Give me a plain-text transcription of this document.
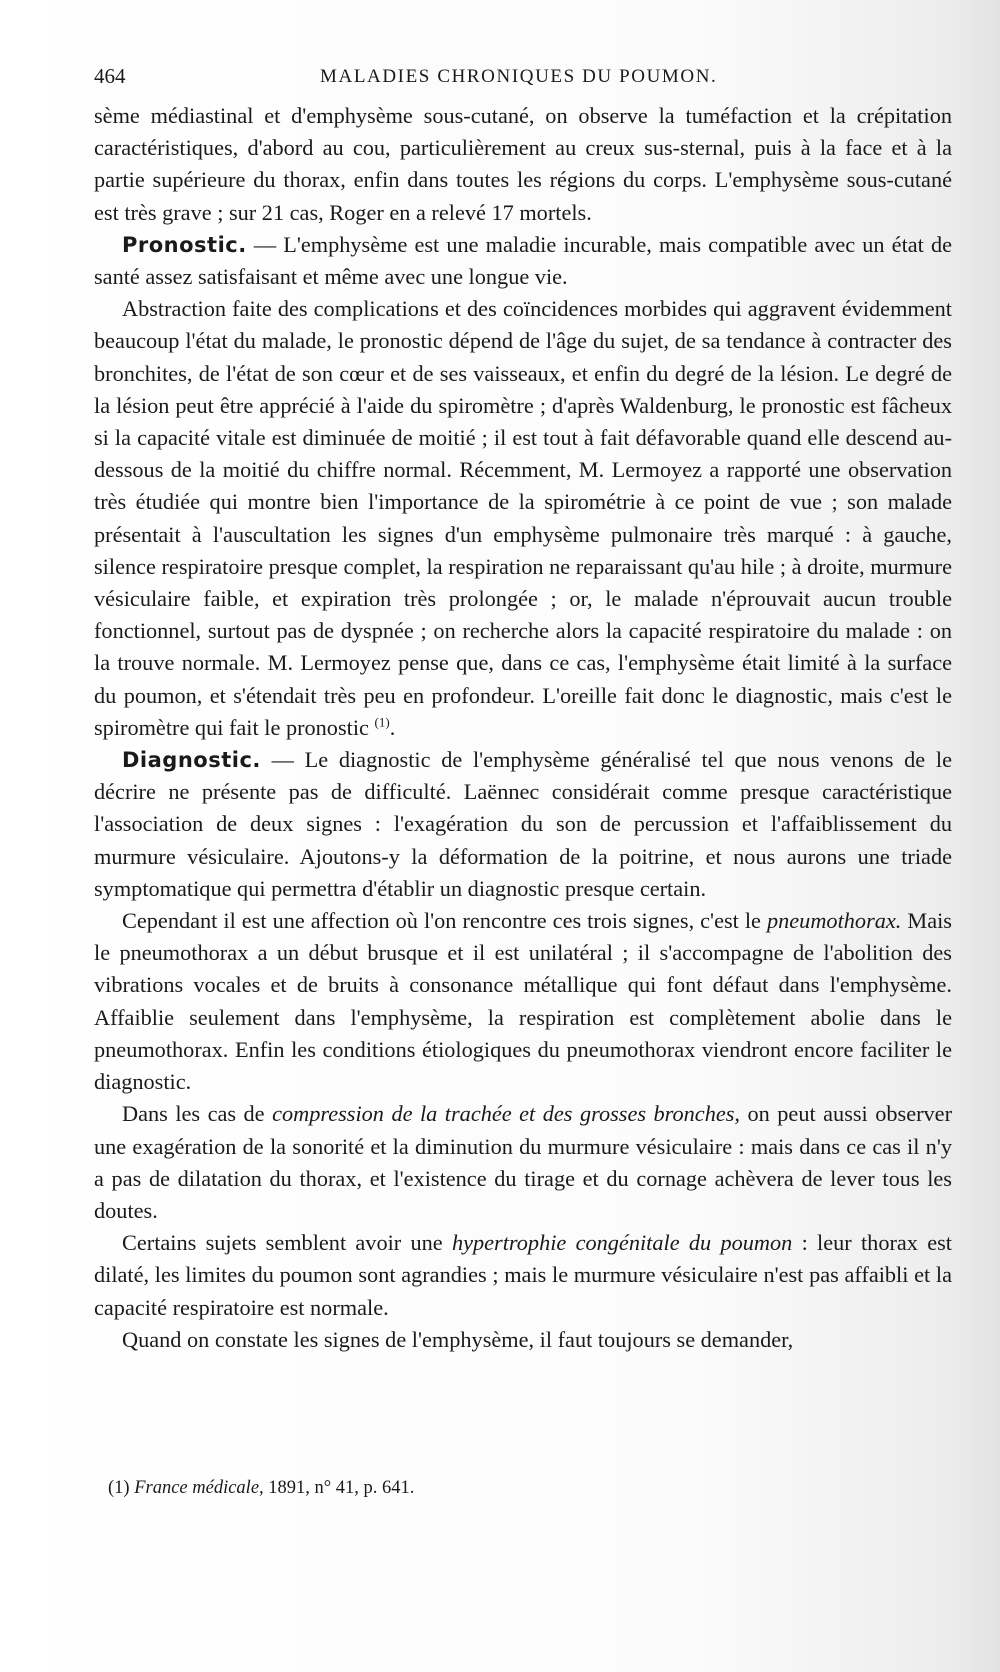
464	MALADIES CHRONIQUES DU POUMON.

sème médiastinal et d'emphysème sous-cutané, on observe la tuméfaction et la crépitation caractéristiques, d'abord au cou, particulièrement au creux sus-sternal, puis à la face et à la partie supérieure du thorax, enfin dans toutes les régions du corps. L'emphysème sous-cutané est très grave ; sur 21 cas, Roger en a relevé 17 mortels.

Pronostic. — L'emphysème est une maladie incurable, mais compatible avec un état de santé assez satisfaisant et même avec une longue vie.

Abstraction faite des complications et des coïncidences morbides qui aggravent évidemment beaucoup l'état du malade, le pronostic dépend de l'âge du sujet, de sa tendance à contracter des bronchites, de l'état de son cœur et de ses vaisseaux, et enfin du degré de la lésion. Le degré de la lésion peut être apprécié à l'aide du spiromètre ; d'après Waldenburg, le pronostic est fâcheux si la capacité vitale est diminuée de moitié ; il est tout à fait défavorable quand elle descend au-dessous de la moitié du chiffre normal. Récemment, M. Lermoyez a rapporté une observation très étudiée qui montre bien l'importance de la spirométrie à ce point de vue ; son malade présentait à l'auscultation les signes d'un emphysème pulmonaire très marqué : à gauche, silence respiratoire presque complet, la respiration ne reparaissant qu'au hile ; à droite, murmure vésiculaire faible, et expiration très prolongée ; or, le malade n'éprouvait aucun trouble fonctionnel, surtout pas de dyspnée ; on recherche alors la capacité respiratoire du malade : on la trouve normale. M. Lermoyez pense que, dans ce cas, l'emphysème était limité à la surface du poumon, et s'étendait très peu en profondeur. L'oreille fait donc le diagnostic, mais c'est le spiromètre qui fait le pronostic $^{(1)}$.

Diagnostic. — Le diagnostic de l'emphysème généralisé tel que nous venons de le décrire ne présente pas de difficulté. Laënnec considérait comme presque caractéristique l'association de deux signes : l'exagération du son de percussion et l'affaiblissement du murmure vésiculaire. Ajoutons-y la déformation de la poitrine, et nous aurons une triade symptomatique qui permettra d'établir un diagnostic presque certain.

Cependant il est une affection où l'on rencontre ces trois signes, c'est le pneumothorax. Mais le pneumothorax a un début brusque et il est unilatéral ; il s'accompagne de l'abolition des vibrations vocales et de bruits à consonance métallique qui font défaut dans l'emphysème. Affaiblie seulement dans l'emphysème, la respiration est complètement abolie dans le pneumothorax. Enfin les conditions étiologiques du pneumothorax viendront encore faciliter le diagnostic.

Dans les cas de compression de la trachée et des grosses bronches, on peut aussi observer une exagération de la sonorité et la diminution du murmure vésiculaire : mais dans ce cas il n'y a pas de dilatation du thorax, et l'existence du tirage et du cornage achèvera de lever tous les doutes.

Certains sujets semblent avoir une hypertrophie congénitale du poumon : leur thorax est dilaté, les limites du poumon sont agrandies ; mais le murmure vésiculaire n'est pas affaibli et la capacité respiratoire est normale.

Quand on constate les signes de l'emphysème, il faut toujours se demander,

(1) France médicale, 1891, n° 41, p. 641.
